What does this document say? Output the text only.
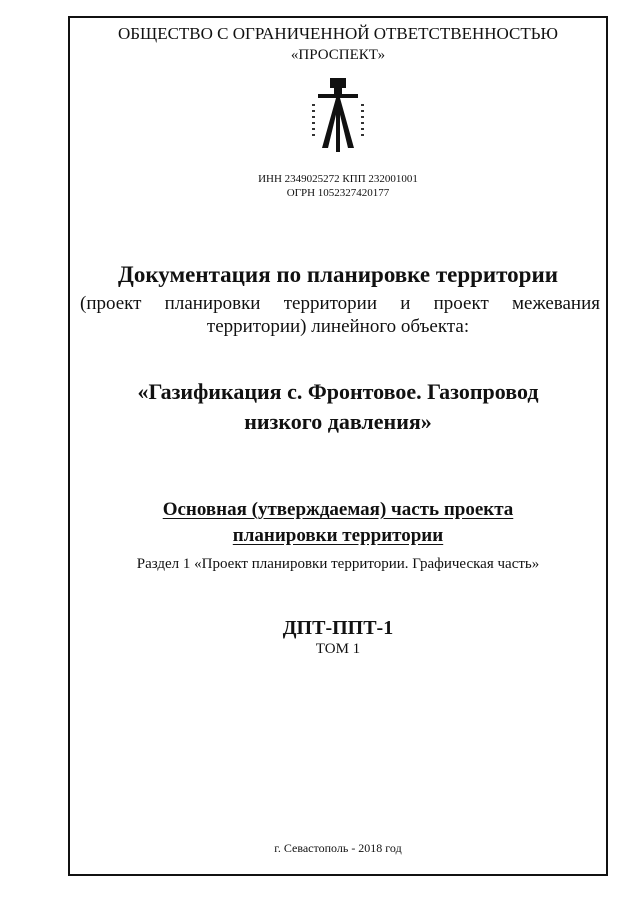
ОБЩЕСТВО С ОГРАНИЧЕННОЙ ОТВЕТСТВЕННОСТЬЮ
«ПРОСПЕКТ»
ИНН 2349025272 КПП 232001001
ОГРН 1052327420177
Документация по планировке территории
(проект планировки территории и проект межевания
территории) линейного объекта:
«Газификация с. Фронтовое. Газопровод
низкого давления»
Основная (утверждаемая) часть проекта
планировки территории
Раздел 1 «Проект планировки территории. Графическая часть»
ДПТ-ППТ-1
ТОМ 1
г. Севастополь - 2018 год
